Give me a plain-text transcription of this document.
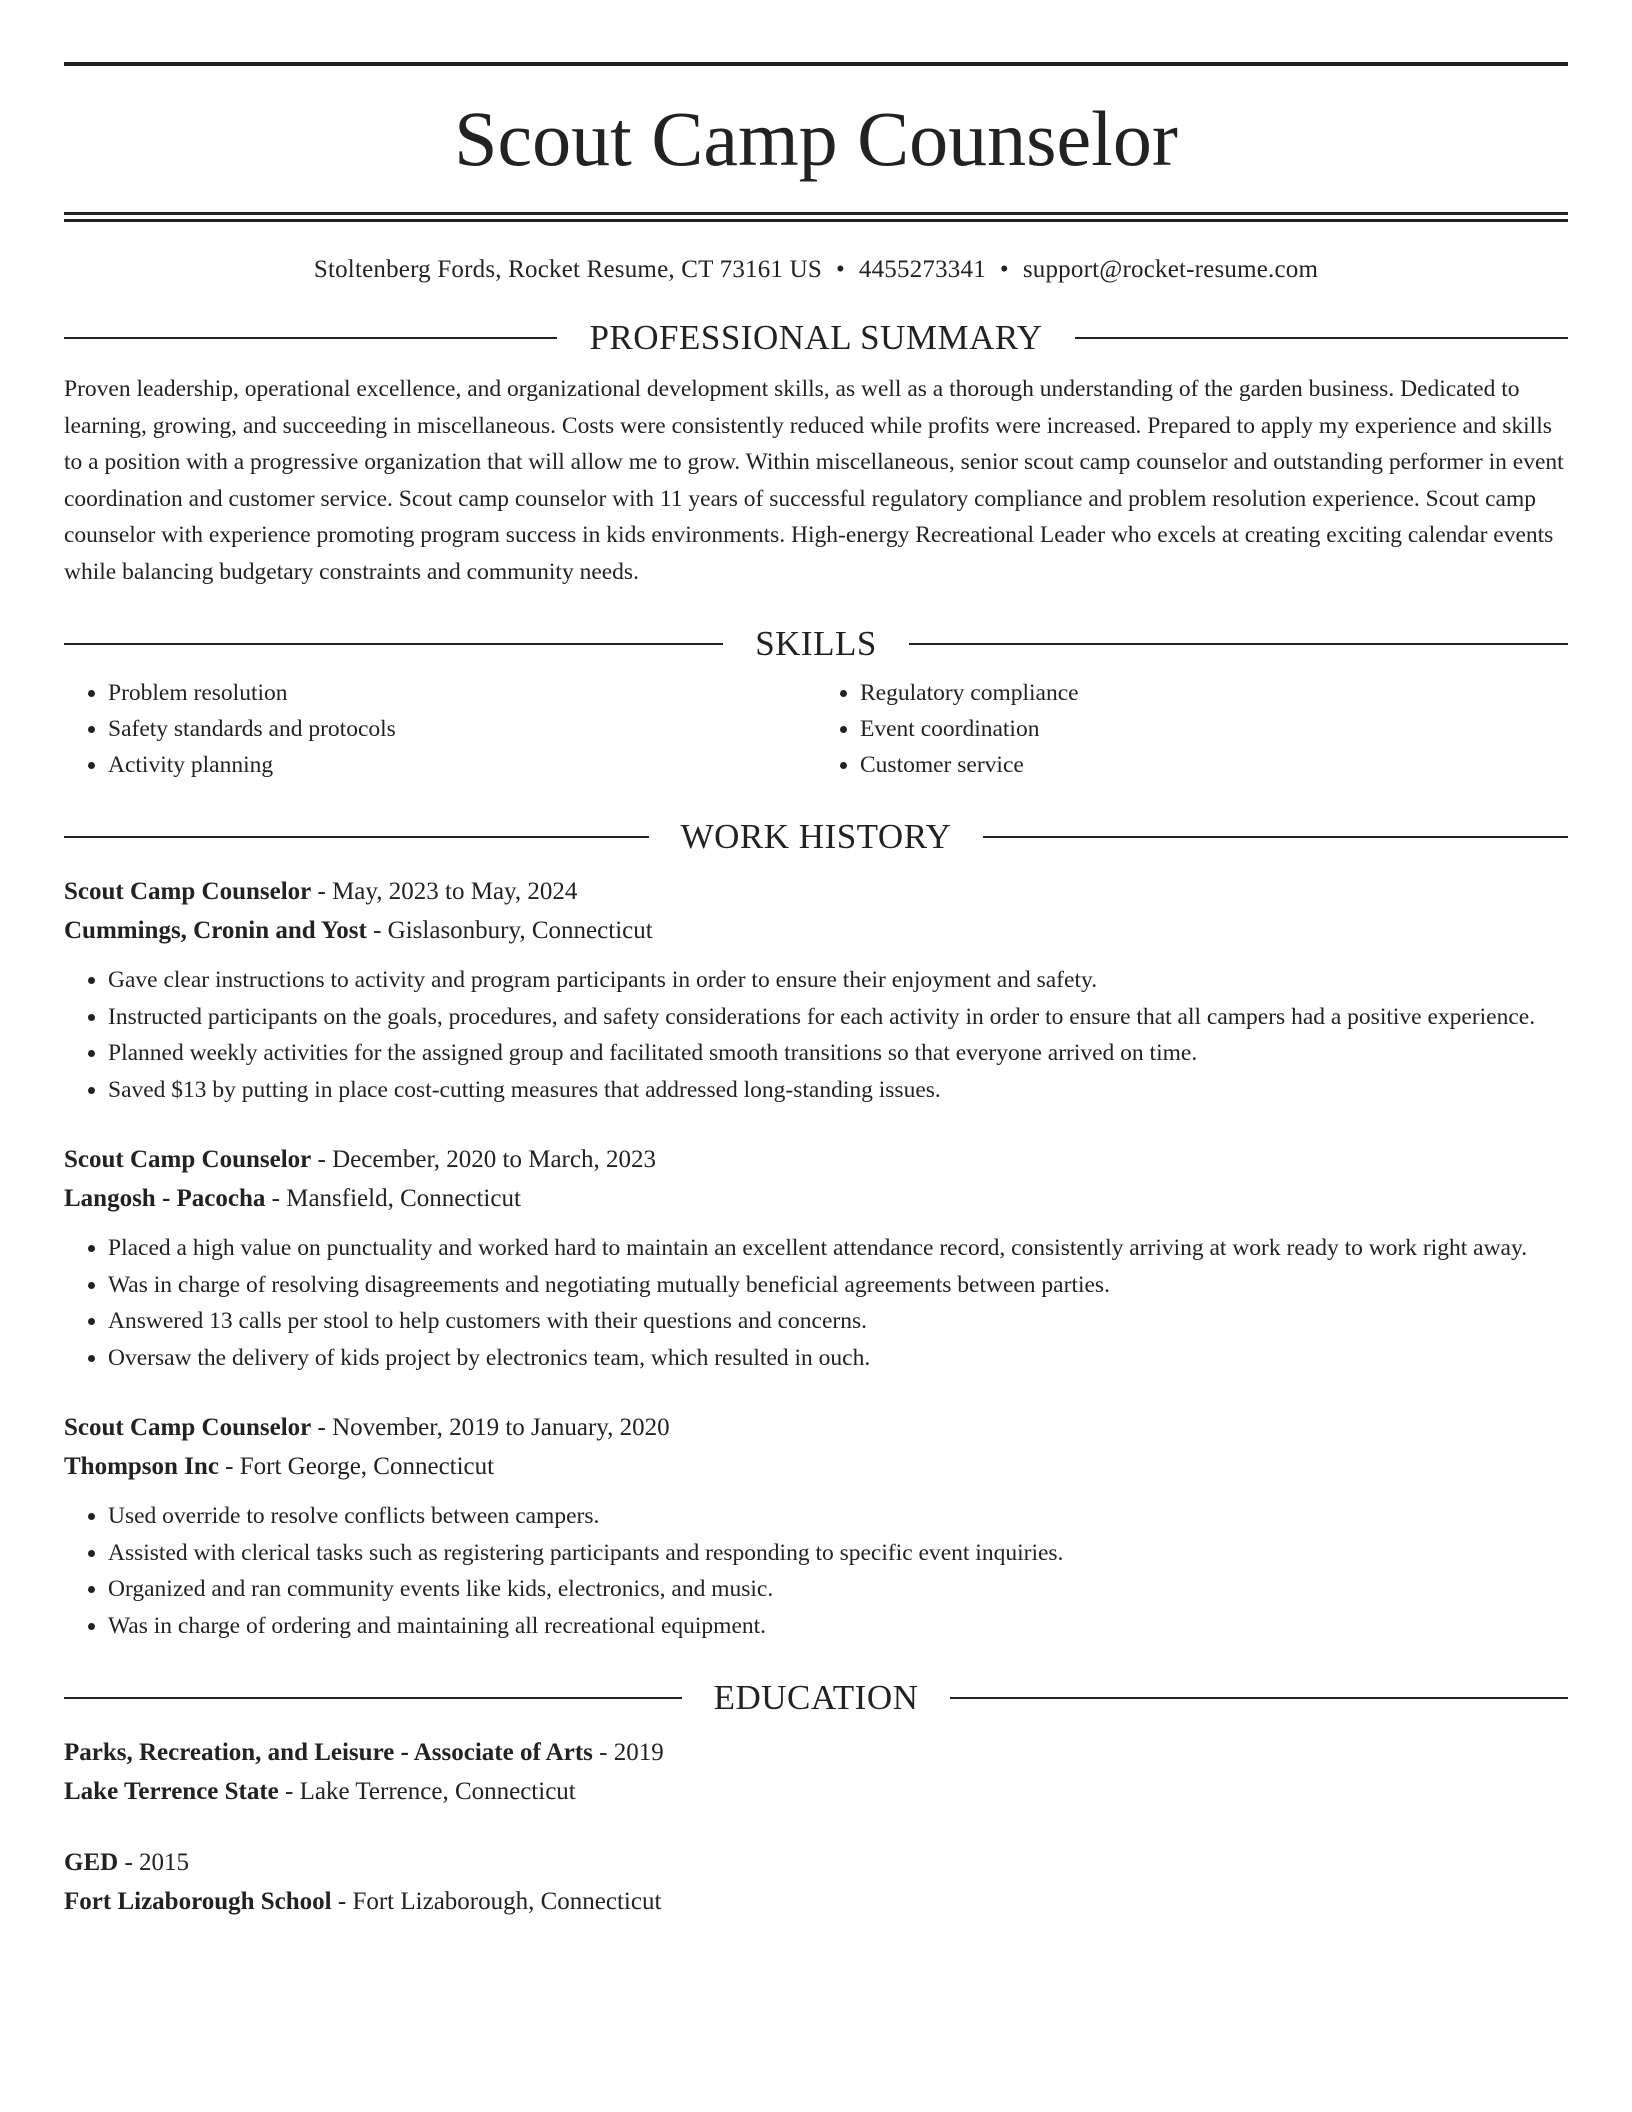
Scout Camp Counselor
Stoltenberg Fords, Rocket Resume, CT 73161 US • 4455273341 • support@rocket-resume.com
PROFESSIONAL SUMMARY
Proven leadership, operational excellence, and organizational development skills, as well as a thorough understanding of the garden business. Dedicated to learning, growing, and succeeding in miscellaneous. Costs were consistently reduced while profits were increased. Prepared to apply my experience and skills to a position with a progressive organization that will allow me to grow. Within miscellaneous, senior scout camp counselor and outstanding performer in event coordination and customer service. Scout camp counselor with 11 years of successful regulatory compliance and problem resolution experience. Scout camp counselor with experience promoting program success in kids environments. High-energy Recreational Leader who excels at creating exciting calendar events while balancing budgetary constraints and community needs.
SKILLS
• Problem resolution
• Safety standards and protocols
• Activity planning
• Regulatory compliance
• Event coordination
• Customer service
WORK HISTORY
Scout Camp Counselor - May, 2023 to May, 2024
Cummings, Cronin and Yost - Gislasonbury, Connecticut
• Gave clear instructions to activity and program participants in order to ensure their enjoyment and safety.
• Instructed participants on the goals, procedures, and safety considerations for each activity in order to ensure that all campers had a positive experience.
• Planned weekly activities for the assigned group and facilitated smooth transitions so that everyone arrived on time.
• Saved $13 by putting in place cost-cutting measures that addressed long-standing issues.
Scout Camp Counselor - December, 2020 to March, 2023
Langosh - Pacocha - Mansfield, Connecticut
• Placed a high value on punctuality and worked hard to maintain an excellent attendance record, consistently arriving at work ready to work right away.
• Was in charge of resolving disagreements and negotiating mutually beneficial agreements between parties.
• Answered 13 calls per stool to help customers with their questions and concerns.
• Oversaw the delivery of kids project by electronics team, which resulted in ouch.
Scout Camp Counselor - November, 2019 to January, 2020
Thompson Inc - Fort George, Connecticut
• Used override to resolve conflicts between campers.
• Assisted with clerical tasks such as registering participants and responding to specific event inquiries.
• Organized and ran community events like kids, electronics, and music.
• Was in charge of ordering and maintaining all recreational equipment.
EDUCATION
Parks, Recreation, and Leisure - Associate of Arts - 2019
Lake Terrence State - Lake Terrence, Connecticut
GED - 2015
Fort Lizaborough School - Fort Lizaborough, Connecticut
